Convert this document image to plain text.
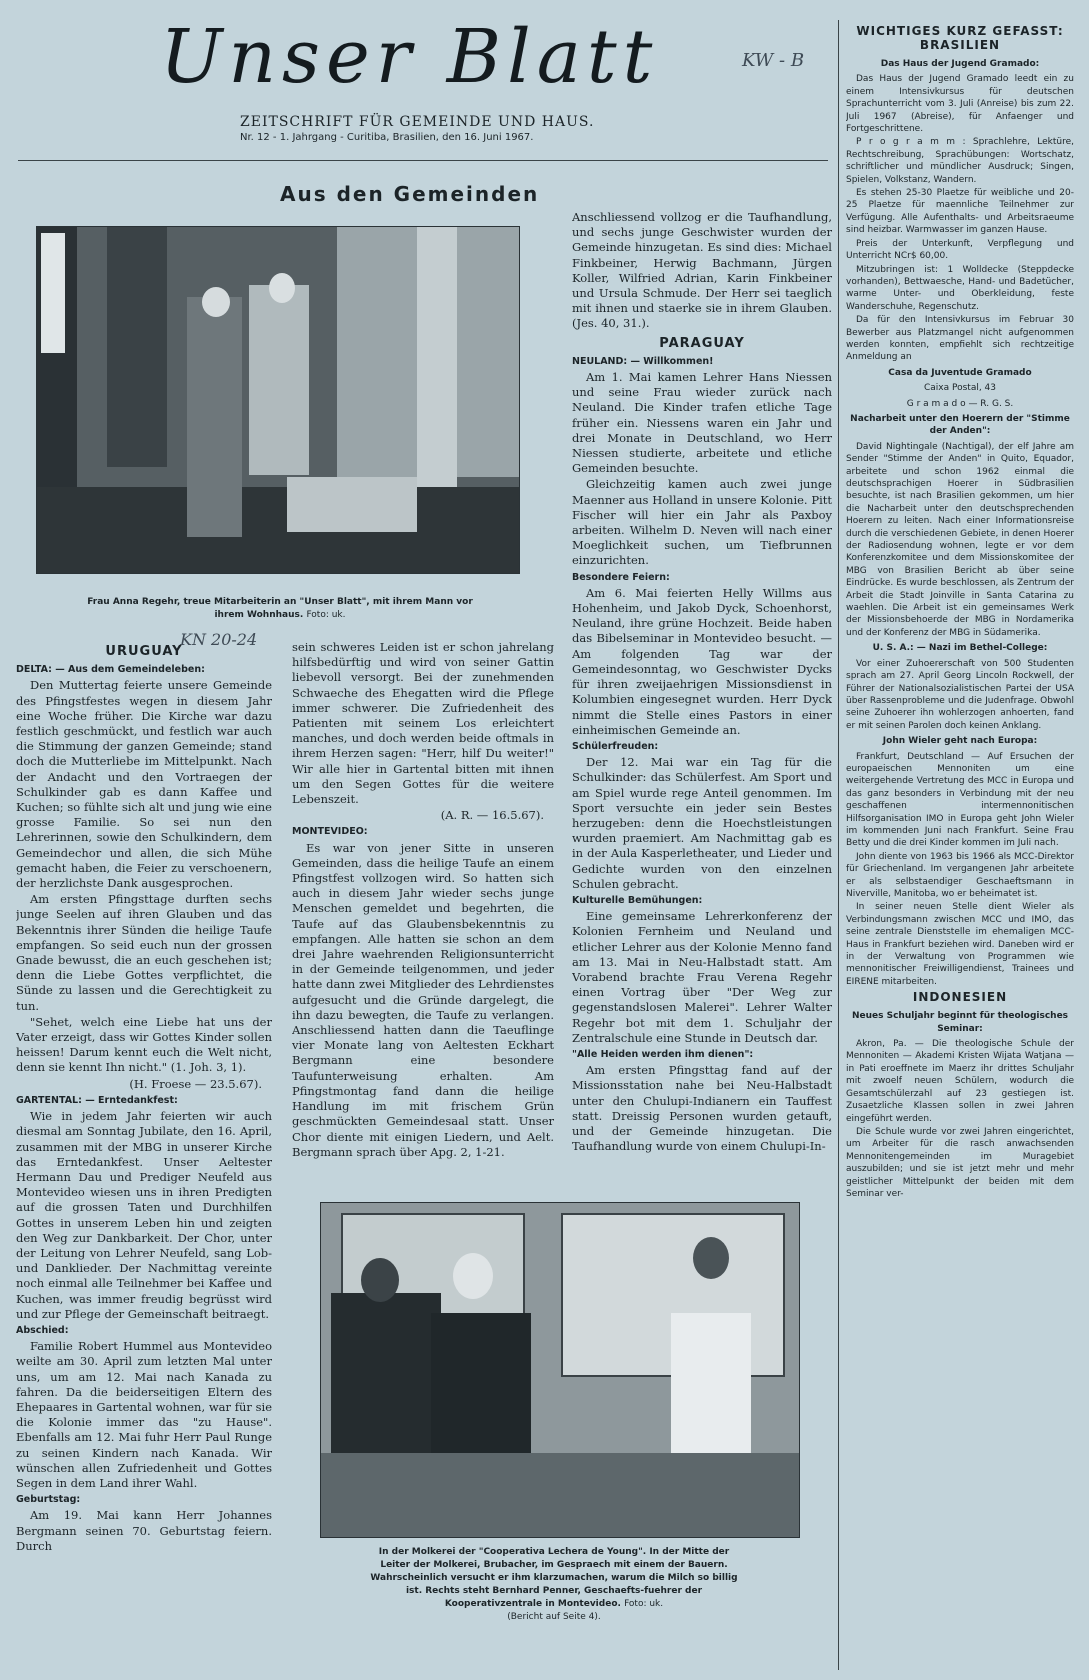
Unser Blatt
ZEITSCHRIFT FÜR GEMEINDE UND HAUS.
Nr. 12 - 1. Jahrgang - Curitiba, Brasilien, den 16. Juni 1967.
KW - B
Aus den Gemeinden
KN 20-24
Frau Anna Regehr, treue Mitarbeiterin an "Unser Blatt", mit ihrem Mann vor ihrem Wohnhaus. Foto: uk.
URUGUAY

DELTA: — Aus dem Gemeindeleben:

Den Muttertag feierte unsere Gemeinde des Pfingstfestes wegen in diesem Jahr eine Woche früher. Die Kirche war dazu festlich geschmückt, und festlich war auch die Stimmung der ganzen Gemeinde; stand doch die Mutterliebe im Mittelpunkt. Nach der Andacht und den Vortraegen der Schulkinder gab es dann Kaffee und Kuchen; so fühlte sich alt und jung wie eine grosse Familie. So sei nun den Lehrerinnen, sowie den Schulkindern, dem Gemeindechor und allen, die sich Mühe gemacht haben, die Feier zu verschoenern, der herzlichste Dank ausgesprochen.

Am ersten Pfingsttage durften sechs junge Seelen auf ihren Glauben und das Bekenntnis ihrer Sünden die heilige Taufe empfangen. So seid euch nun der grossen Gnade bewusst, die an euch geschehen ist; denn die Liebe Gottes verpflichtet, die Sünde zu lassen und die Gerechtigkeit zu tun.

"Sehet, welch eine Liebe hat uns der Vater erzeigt, dass wir Gottes Kinder sollen heissen! Darum kennt euch die Welt nicht, denn sie kennt Ihn nicht." (1. Joh. 3, 1).

(H. Froese — 23.5.67).

GARTENTAL: — Erntedankfest:

Wie in jedem Jahr feierten wir auch diesmal am Sonntag Jubilate, den 16. April, zusammen mit der MBG in unserer Kirche das Erntedankfest. Unser Aeltester Hermann Dau und Prediger Neufeld aus Montevideo wiesen uns in ihren Predigten auf die grossen Taten und Durchhilfen Gottes in unserem Leben hin und zeigten den Weg zur Dankbarkeit. Der Chor, unter der Leitung von Lehrer Neufeld, sang Lob- und Danklieder. Der Nachmittag vereinte noch einmal alle Teilnehmer bei Kaffee und Kuchen, was immer freudig begrüsst wird und zur Pflege der Gemeinschaft beitraegt.

Abschied:

Familie Robert Hummel aus Montevideo weilte am 30. April zum letzten Mal unter uns, um am 12. Mai nach Kanada zu fahren. Da die beiderseitigen Eltern des Ehepaares in Gartental wohnen, war für sie die Kolonie immer das "zu Hause". Ebenfalls am 12. Mai fuhr Herr Paul Runge zu seinen Kindern nach Kanada. Wir wünschen allen Zufriedenheit und Gottes Segen in dem Land ihrer Wahl.

Geburtstag:

Am 19. Mai kann Herr Johannes Bergmann seinen 70. Geburtstag feiern. Durch

sein schweres Leiden ist er schon jahrelang hilfsbedürftig und wird von seiner Gattin liebevoll versorgt. Bei der zunehmenden Schwaeche des Ehegatten wird die Pflege immer schwerer. Die Zufriedenheit des Patienten mit seinem Los erleichtert manches, und doch werden beide oftmals in ihrem Herzen sagen: "Herr, hilf Du weiter!" Wir alle hier in Gartental bitten mit ihnen um den Segen Gottes für die weitere Lebenszeit.

(A. R. — 16.5.67).

MONTEVIDEO:

Es war von jener Sitte in unseren Gemeinden, dass die heilige Taufe an einem Pfingstfest vollzogen wird. So hatten sich auch in diesem Jahr wieder sechs junge Menschen gemeldet und begehrten, die Taufe auf das Glaubensbekenntnis zu empfangen. Alle hatten sie schon an dem drei Jahre waehrenden Religionsunterricht in der Gemeinde teilgenommen, und jeder hatte dann zwei Mitglieder des Lehrdienstes aufgesucht und die Gründe dargelegt, die ihn dazu bewegten, die Taufe zu verlangen. Anschliessend hatten dann die Taeuflinge vier Monate lang von Aeltesten Eckhart Bergmann eine besondere Taufunterweisung erhalten. Am Pfingstmontag fand dann die heilige Handlung im mit frischem Grün geschmückten Gemeindesaal statt. Unser Chor diente mit einigen Liedern, und Aelt. Bergmann sprach über Apg. 2, 1-21.

Anschliessend vollzog er die Taufhandlung, und sechs junge Geschwister wurden der Gemeinde hinzugetan. Es sind dies: Michael Finkbeiner, Herwig Bachmann, Jürgen Koller, Wilfried Adrian, Karin Finkbeiner und Ursula Schmude. Der Herr sei taeglich mit ihnen und staerke sie in ihrem Glauben. (Jes. 40, 31.).

PARAGUAY

NEULAND: — Willkommen!

Am 1. Mai kamen Lehrer Hans Niessen und seine Frau wieder zurück nach Neuland. Die Kinder trafen etliche Tage früher ein. Niessens waren ein Jahr und drei Monate in Deutschland, wo Herr Niessen studierte, arbeitete und etliche Gemeinden besuchte.

Gleichzeitig kamen auch zwei junge Maenner aus Holland in unsere Kolonie. Pitt Fischer will hier ein Jahr als Paxboy arbeiten. Wilhelm D. Neven will nach einer Moeglichkeit suchen, um Tiefbrunnen einzurichten.

Besondere Feiern:

Am 6. Mai feierten Helly Willms aus Hohenheim, und Jakob Dyck, Schoenhorst, Neuland, ihre grüne Hochzeit. Beide haben das Bibelseminar in Montevideo besucht. — Am folgenden Tag war der Gemeindesonntag, wo Geschwister Dycks für ihren zweijaehrigen Missionsdienst in Kolumbien eingesegnet wurden. Herr Dyck nimmt die Stelle eines Pastors in einer einheimischen Gemeinde an.

Schülerfreuden:

Der 12. Mai war ein Tag für die Schulkinder: das Schülerfest. Am Sport und am Spiel wurde rege Anteil genommen. Im Sport versuchte ein jeder sein Bestes herzugeben: denn die Hoechstleistungen wurden praemiert. Am Nachmittag gab es in der Aula Kasperletheater, und Lieder und Gedichte wurden von den einzelnen Schulen gebracht.

Kulturelle Bemühungen:

Eine gemeinsame Lehrerkonferenz der Kolonien Fernheim und Neuland und etlicher Lehrer aus der Kolonie Menno fand am 13. Mai in Neu-Halbstadt statt. Am Vorabend brachte Frau Verena Regehr einen Vortrag über "Der Weg zur gegenstandslosen Malerei". Lehrer Walter Regehr bot mit dem 1. Schuljahr der Zentralschule eine Stunde in Deutsch dar.

"Alle Heiden werden ihm dienen":

Am ersten Pfingsttag fand auf der Missionsstation nahe bei Neu-Halbstadt unter den Chulupi-Indianern ein Tauffest statt. Dreissig Personen wurden getauft, und der Gemeinde hinzugetan. Die Taufhandlung wurde von einem Chulupi-In-

In der Molkerei der "Cooperativa Lechera de Young". In der Mitte der Leiter der Molkerei, Brubacher, im Gespraech mit einem der Bauern. Wahrscheinlich versucht er ihm klarzumachen, warum die Milch so billig ist. Rechts steht Bernhard Penner, Geschaefts-fuehrer der Kooperativzentrale in Montevideo. Foto: uk.
(Bericht auf Seite 4).
WICHTIGES KURZ GEFASST: BRASILIEN

Das Haus der Jugend Gramado:

Das Haus der Jugend Gramado leedt ein zu einem Intensivkursus für deutschen Sprachunterricht vom 3. Juli (Anreise) bis zum 22. Juli 1967 (Abreise), für Anfaenger und Fortgeschrittene.

P r o g r a m m : Sprachlehre, Lektüre, Rechtschreibung, Sprachübungen: Wortschatz, schriftlicher und mündlicher Ausdruck; Singen, Spielen, Volkstanz, Wandern.

Es stehen 25-30 Plaetze für weibliche und 20-25 Plaetze für maennliche Teilnehmer zur Verfügung. Alle Aufenthalts- und Arbeitsraeume sind heizbar. Warmwasser im ganzen Hause.

Preis der Unterkunft, Verpflegung und Unterricht NCr$ 60,00.

Mitzubringen ist: 1 Wolldecke (Steppdecke vorhanden), Bettwaesche, Hand- und Badetücher, warme Unter- und Oberkleidung, feste Wanderschuhe, Regenschutz.

Da für den Intensivkursus im Februar 30 Bewerber aus Platzmangel nicht aufgenommen werden konnten, empfiehlt sich rechtzeitige Anmeldung an

Casa da Juventude Gramado

Caixa Postal, 43

G r a m a d o — R. G. S.

Nacharbeit unter den Hoerern der "Stimme der Anden":

David Nightingale (Nachtigal), der elf Jahre am Sender "Stimme der Anden" in Quito, Equador, arbeitete und schon 1962 einmal die deutschsprachigen Hoerer in Südbrasilien besuchte, ist nach Brasilien gekommen, um hier die Nacharbeit unter den deutschsprechenden Hoerern zu leiten. Nach einer Informationsreise durch die verschiedenen Gebiete, in denen Hoerer der Radiosendung wohnen, legte er vor dem Konferenzkomitee und dem Missionskomitee der MBG von Brasilien Bericht ab über seine Eindrücke. Es wurde beschlossen, als Zentrum der Arbeit die Stadt Joinville in Santa Catarina zu waehlen. Die Arbeit ist ein gemeinsames Werk der Missionsbehoerde der MBG in Nordamerika und der Konferenz der MBG in Südamerika.

U. S. A.: — Nazi im Bethel-College:

Vor einer Zuhoererschaft von 500 Studenten sprach am 27. April Georg Lincoln Rockwell, der Führer der Nationalsozialistischen Partei der USA über Rassenprobleme und die Judenfrage. Obwohl seine Zuhoerer ihn wohlerzogen anhoerten, fand er mit seinen Parolen doch keinen Anklang.

John Wieler geht nach Europa:

Frankfurt, Deutschland — Auf Ersuchen der europaeischen Mennoniten um eine weitergehende Vertretung des MCC in Europa und das ganz besonders in Verbindung mit der neu geschaffenen intermennonitischen Hilfsorganisation IMO in Europa geht John Wieler im kommenden Juni nach Frankfurt. Seine Frau Betty und die drei Kinder kommen im Juli nach.

John diente von 1963 bis 1966 als MCC-Direktor für Griechenland. Im vergangenen Jahr arbeitete er als selbstaendiger Geschaeftsmann in Niverville, Manitoba, wo er beheimatet ist.

In seiner neuen Stelle dient Wieler als Verbindungsmann zwischen MCC und IMO, das seine zentrale Dienststelle im ehemaligen MCC-Haus in Frankfurt beziehen wird. Daneben wird er in der Verwaltung von Programmen wie mennonitischer Freiwilligendienst, Trainees und EIRENE mitarbeiten.

INDONESIEN

Neues Schuljahr beginnt für theologisches Seminar:

Akron, Pa. — Die theologische Schule der Mennoniten — Akademi Kristen Wijata Watjana — in Pati eroeffnete im Maerz ihr drittes Schuljahr mit zwoelf neuen Schülern, wodurch die Gesamtschülerzahl auf 23 gestiegen ist. Zusaetzliche Klassen sollen in zwei Jahren eingeführt werden.

Die Schule wurde vor zwei Jahren eingerichtet, um Arbeiter für die rasch anwachsenden Mennonitengemeinden im Muragebiet auszubilden; und sie ist jetzt mehr und mehr geistlicher Mittelpunkt der beiden mit dem Seminar ver-
